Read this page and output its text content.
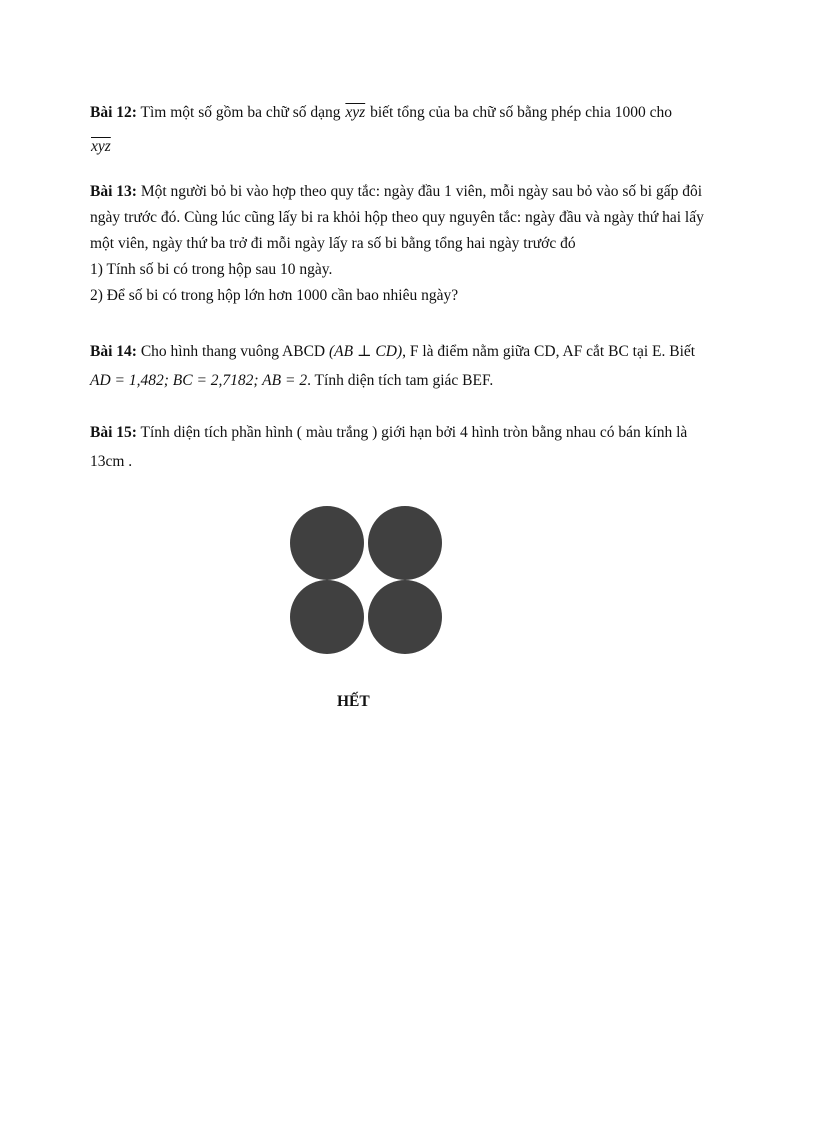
Bài 12: Tìm một số gồm ba chữ số dạng $\overline{xyz}$ biết tổng của ba chữ số bằng phép chia 1000 cho
$\overline{xyz}$
Bài 13: Một người bỏ bi vào hợp theo quy tắc: ngày đầu 1 viên, mỗi ngày sau bỏ vào số bi gấp đôi
ngày trước đó. Cùng lúc cũng lấy bi ra khỏi hộp theo quy nguyên tắc: ngày đầu và ngày thứ hai lấy
một viên, ngày thứ ba trở đi mỗi ngày lấy ra số bi bằng tổng hai ngày trước đó
1) Tính số bi có trong hộp sau 10 ngày.
2) Để số bi có trong hộp lớn hơn 1000 cần bao nhiêu ngày?
Bài 14: Cho hình thang vuông ABCD (AB ⊥ CD), F là điểm nằm giữa CD, AF cắt BC tại E. Biết
AD = 1,482; BC = 2,7182; AB = 2. Tính diện tích tam giác BEF.
Bài 15: Tính diện tích phần hình ( màu trắng ) giới hạn bởi 4 hình tròn bằng nhau có bán kính là
13cm .
HẾT
